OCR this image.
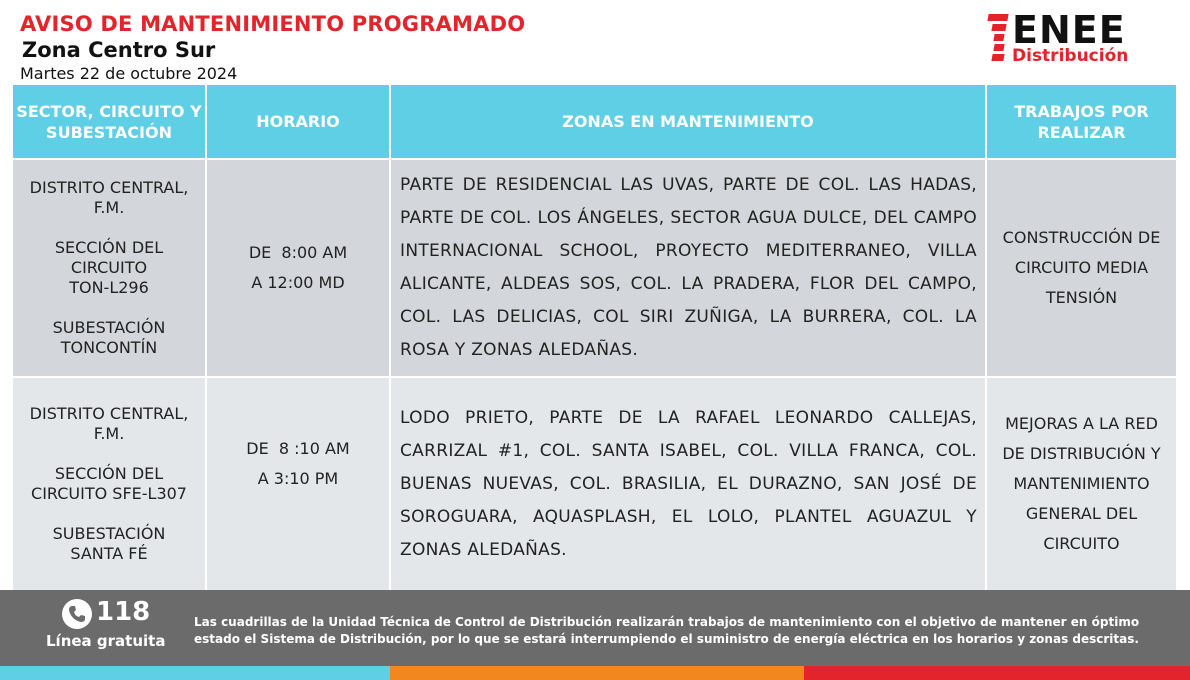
AVISO DE MANTENIMIENTO PROGRAMADO
Zona Centro Sur
Martes 22 de octubre 2024
ENEE
Distribución
SECTOR, CIRCUITO Y SUBESTACIÓN
HORARIO	ZONAS EN MANTENIMIENTO
TRABAJOS POR REALIZAR
DISTRITO CENTRAL, F.M.
SECCIÓN DEL CIRCUITO TON-L296
SUBESTACIÓN TONCONTÍN
DE  8:00 AM
A 12:00 MD
PARTE DE RESIDENCIAL LAS UVAS, PARTE DE COL. LAS HADAS, PARTE DE COL. LOS ÁNGELES, SECTOR AGUA DULCE, DEL CAMPO INTERNACIONAL SCHOOL, PROYECTO MEDITERRANEO, VILLA ALICANTE, ALDEAS SOS, COL. LA PRADERA, FLOR DEL CAMPO, COL. LAS DELICIAS, COL SIRI ZUÑIGA, LA BURRERA, COL. LA ROSA Y ZONAS ALEDAÑAS.
CONSTRUCCIÓN DE CIRCUITO MEDIA TENSIÓN
DISTRITO CENTRAL, F.M.
SECCIÓN DEL CIRCUITO SFE-L307
SUBESTACIÓN SANTA FÉ
DE  8 :10 AM
A 3:10 PM
LODO PRIETO, PARTE DE LA RAFAEL LEONARDO CALLEJAS, CARRIZAL #1, COL. SANTA ISABEL, COL. VILLA FRANCA, COL. BUENAS NUEVAS, COL. BRASILIA, EL DURAZNO, SAN JOSÉ DE SOROGUARA, AQUASPLASH, EL LOLO, PLANTEL AGUAZUL Y ZONAS ALEDAÑAS.
MEJORAS A LA RED DE DISTRIBUCIÓN Y MANTENIMIENTO GENERAL DEL CIRCUITO
118
Línea gratuita
Las cuadrillas de la Unidad Técnica de Control de Distribución realizarán trabajos de mantenimiento con el objetivo de mantener en óptimo estado el Sistema de Distribución, por lo que se estará interrumpiendo el suministro de energía eléctrica en los horarios y zonas descritas.
